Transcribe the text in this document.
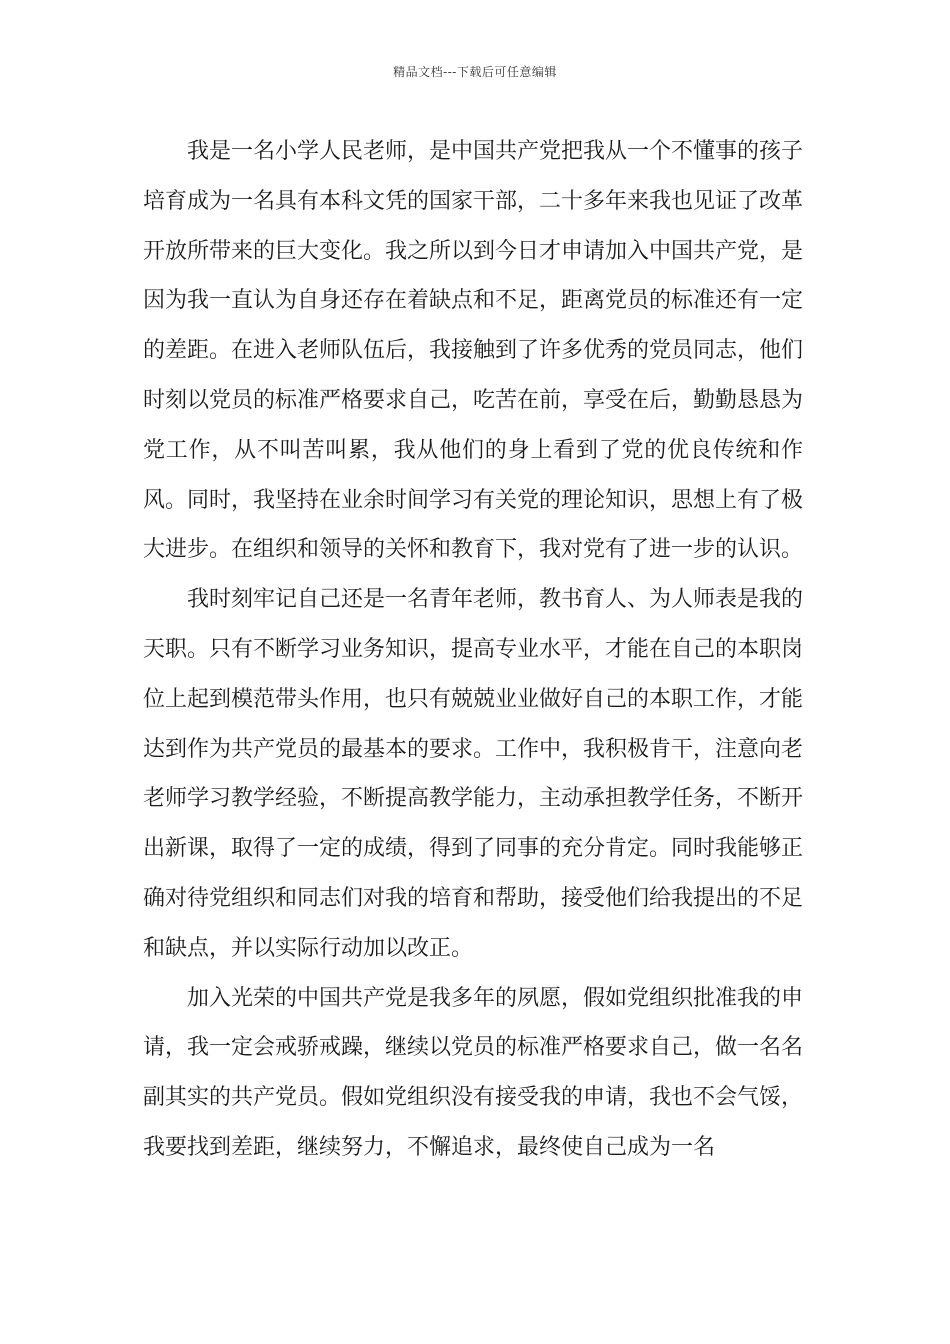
精品文档---下载后可任意编辑

我是一名小学人民老师，是中国共产党把我从一个不懂事的孩子培育成为一名具有本科文凭的国家干部，二十多年来我也见证了改革开放所带来的巨大变化。我之所以到今日才申请加入中国共产党，是因为我一直认为自身还存在着缺点和不足，距离党员的标准还有一定的差距。在进入老师队伍后，我接触到了许多优秀的党员同志，他们时刻以党员的标准严格要求自己，吃苦在前，享受在后，勤勤恳恳为党工作，从不叫苦叫累，我从他们的身上看到了党的优良传统和作风。同时，我坚持在业余时间学习有关党的理论知识，思想上有了极大进步。在组织和领导的关怀和教育下，我对党有了进一步的认识。

我时刻牢记自己还是一名青年老师，教书育人、为人师表是我的天职。只有不断学习业务知识，提高专业水平，才能在自己的本职岗位上起到模范带头作用，也只有兢兢业业做好自己的本职工作，才能达到作为共产党员的最基本的要求。工作中，我积极肯干，注意向老老师学习教学经验，不断提高教学能力，主动承担教学任务，不断开出新课，取得了一定的成绩，得到了同事的充分肯定。同时我能够正确对待党组织和同志们对我的培育和帮助，接受他们给我提出的不足和缺点，并以实际行动加以改正。

加入光荣的中国共产党是我多年的夙愿，假如党组织批准我的申请，我一定会戒骄戒躁，继续以党员的标准严格要求自己，做一名名副其实的共产党员。假如党组织没有接受我的申请，我也不会气馁，我要找到差距，继续努力，不懈追求，最终使自己成为一名
